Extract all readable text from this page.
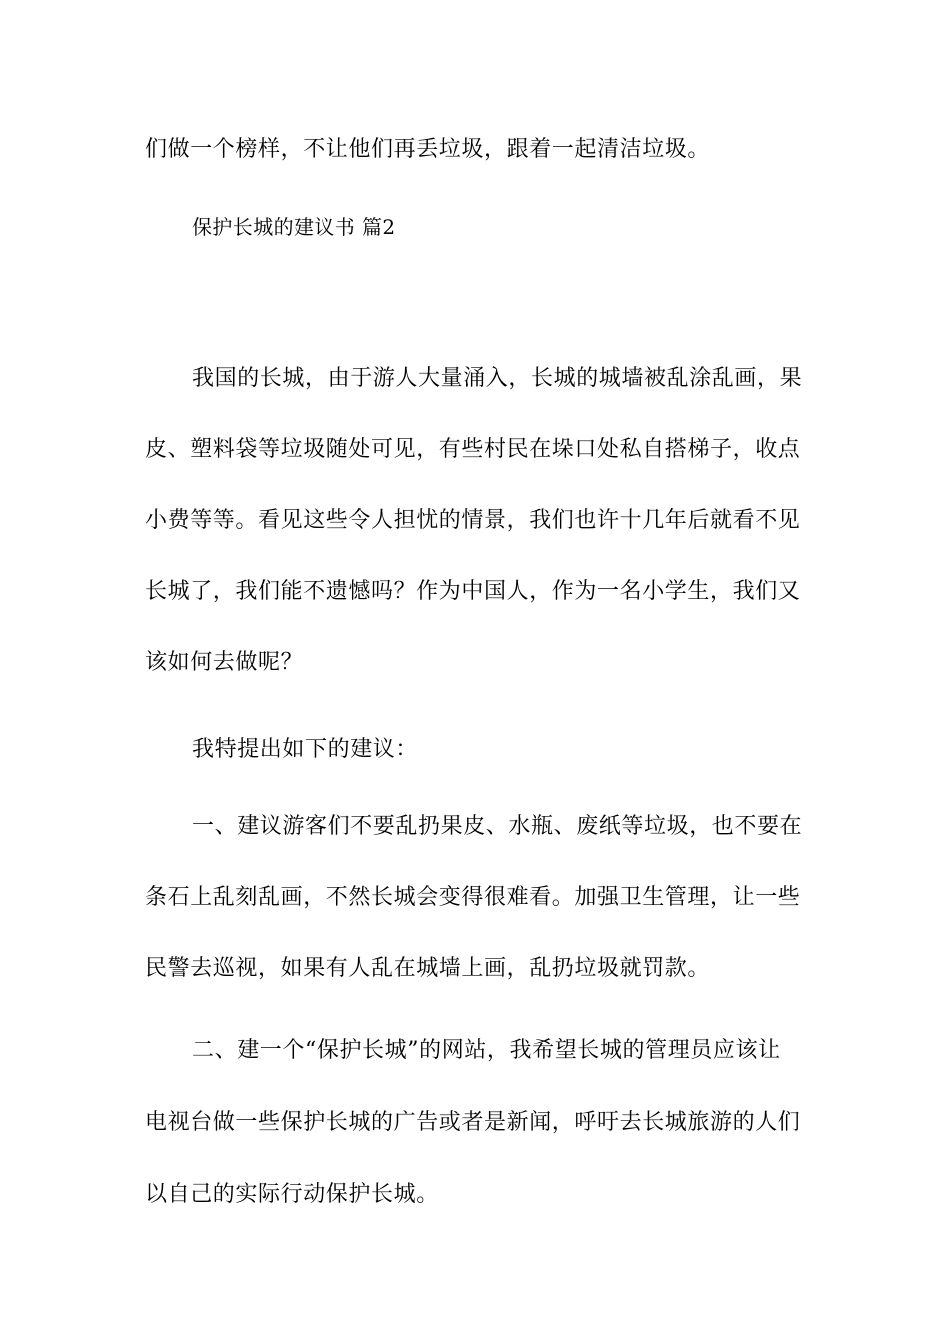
们做一个榜样，不让他们再丢垃圾，跟着一起清洁垃圾。
保护长城的建议书 篇2
我国的长城，由于游人大量涌入，长城的城墙被乱涂乱画，果
皮、塑料袋等垃圾随处可见，有些村民在垛口处私自搭梯子，收点
小费等等。看见这些令人担忧的情景，我们也许十几年后就看不见
长城了，我们能不遗憾吗？作为中国人，作为一名小学生，我们又
该如何去做呢？
我特提出如下的建议：
一、建议游客们不要乱扔果皮、水瓶、废纸等垃圾，也不要在
条石上乱刻乱画，不然长城会变得很难看。加强卫生管理，让一些
民警去巡视，如果有人乱在城墙上画，乱扔垃圾就罚款。
二、建一个“保护长城”的网站，我希望长城的管理员应该让
电视台做一些保护长城的广告或者是新闻，呼吁去长城旅游的人们
以自己的实际行动保护长城。
